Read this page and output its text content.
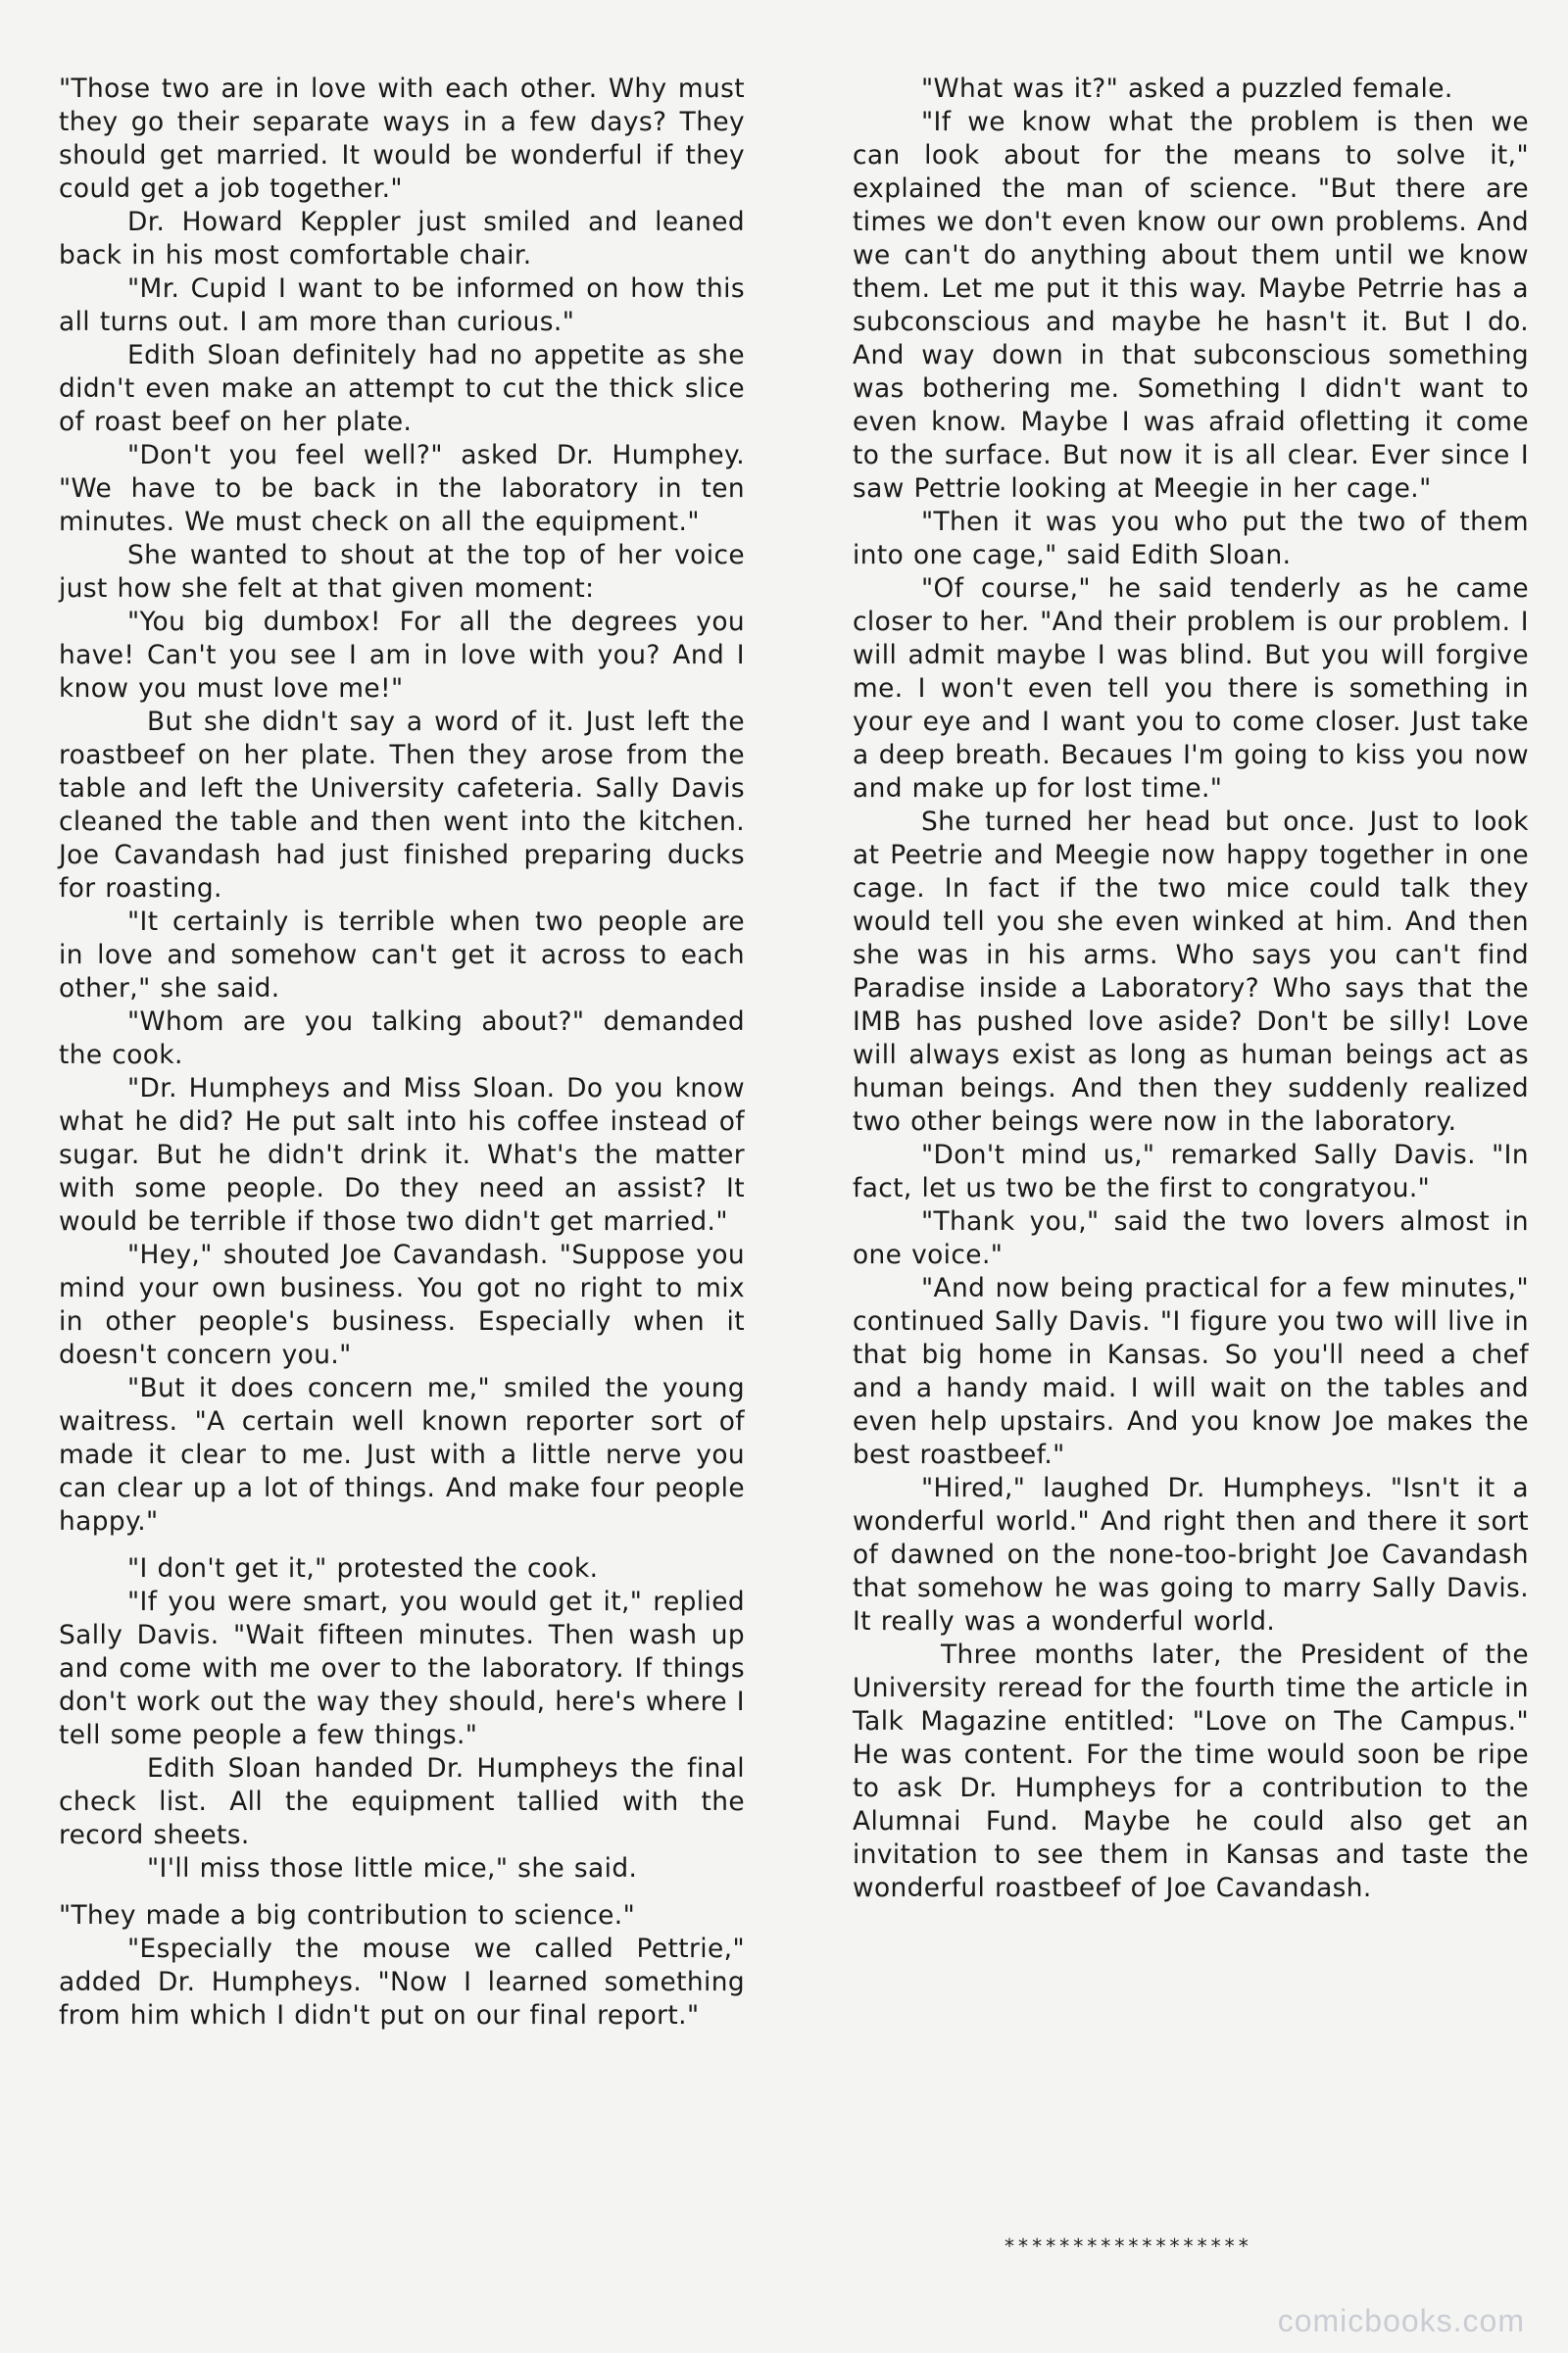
"Those two are in love with each other. Why must they go their separate ways in a few days? They should get married. It would be wonderful if they could get a job together."

Dr. Howard Keppler just smiled and leaned back in his most comfortable chair.

"Mr. Cupid I want to be informed on how this all turns out. I am more than curious."

Edith Sloan definitely had no appetite as she didn't even make an attempt to cut the thick slice of roast beef on her plate.

"Don't you feel well?" asked Dr. Humphey. "We have to be back in the laboratory in ten minutes. We must check on all the equipment."

She wanted to shout at the top of her voice just how she felt at that given moment:

"You big dumbox! For all the degrees you have! Can't you see I am in love with you? And I know you must love me!"

But she didn't say a word of it. Just left the roastbeef on her plate. Then they arose from the table and left the University cafeteria. Sally Davis cleaned the table and then went into the kitchen. Joe Cavandash had just finished preparing ducks for roasting.

"It certainly is terrible when two people are in love and somehow can't get it across to each other," she said.

"Whom are you talking about?" demanded the cook.

"Dr. Humpheys and Miss Sloan. Do you know what he did? He put salt into his coffee instead of sugar. But he didn't drink it. What's the matter with some people. Do they need an assist? It would be terrible if those two didn't get married."

"Hey," shouted Joe Cavandash. "Suppose you mind your own business. You got no right to mix in other people's business. Especially when it doesn't concern you."

"But it does concern me," smiled the young waitress. "A certain well known reporter sort of made it clear to me. Just with a little nerve you can clear up a lot of things. And make four people happy."

"I don't get it," protested the cook.

"If you were smart, you would get it," replied Sally Davis. "Wait fifteen minutes. Then wash up and come with me over to the laboratory. If things don't work out the way they should, here's where I tell some people a few things."

Edith Sloan handed Dr. Humpheys the final check list. All the equipment tallied with the record sheets.

"I'll miss those little mice," she said.

"They made a big contribution to science."

"Especially the mouse we called Pettrie," added Dr. Humpheys. "Now I learned something from him which I didn't put on our final report."

"What was it?" asked a puzzled female.

"If we know what the problem is then we can look about for the means to solve it," explained the man of science. "But there are times we don't even know our own problems. And we can't do anything about them until we know them. Let me put it this way. Maybe Petrrie has a subconscious and maybe he hasn't it. But I do. And way down in that subconscious something was bothering me. Something I didn't want to even know. Maybe I was afraid ofletting it come to the surface. But now it is all clear. Ever since I saw Pettrie looking at Meegie in her cage."

"Then it was you who put the two of them into one cage," said Edith Sloan.

"Of course," he said tenderly as he came closer to her. "And their problem is our problem. I will admit maybe I was blind. But you will forgive me. I won't even tell you there is something in your eye and I want you to come closer. Just take a deep breath. Becaues I'm going to kiss you now and make up for lost time."

She turned her head but once. Just to look at Peetrie and Meegie now happy together in one cage. In fact if the two mice could talk they would tell you she even winked at him. And then she was in his arms. Who says you can't find Paradise inside a Laboratory? Who says that the IMB has pushed love aside? Don't be silly! Love will always exist as long as human beings act as human beings. And then they suddenly realized two other beings were now in the laboratory.

"Don't mind us," remarked Sally Davis. "In fact, let us two be the first to congratyou."

"Thank you," said the two lovers almost in one voice."

"And now being practical for a few minutes," continued Sally Davis. "I figure you two will live in that big home in Kansas. So you'll need a chef and a handy maid. I will wait on the tables and even help upstairs. And you know Joe makes the best roastbeef."

"Hired," laughed Dr. Humpheys. "Isn't it a wonderful world." And right then and there it sort of dawned on the none-too-bright Joe Cavandash that somehow he was going to marry Sally Davis. It really was a wonderful world.

Three months later, the President of the University reread for the fourth time the article in Talk Magazine entitled: "Love on The Campus." He was content. For the time would soon be ripe to ask Dr. Humpheys for a contribution to the Alumnai Fund. Maybe he could also get an invitation to see them in Kansas and taste the wonderful roastbeef of Joe Cavandash.

******************
comicbooks.com
